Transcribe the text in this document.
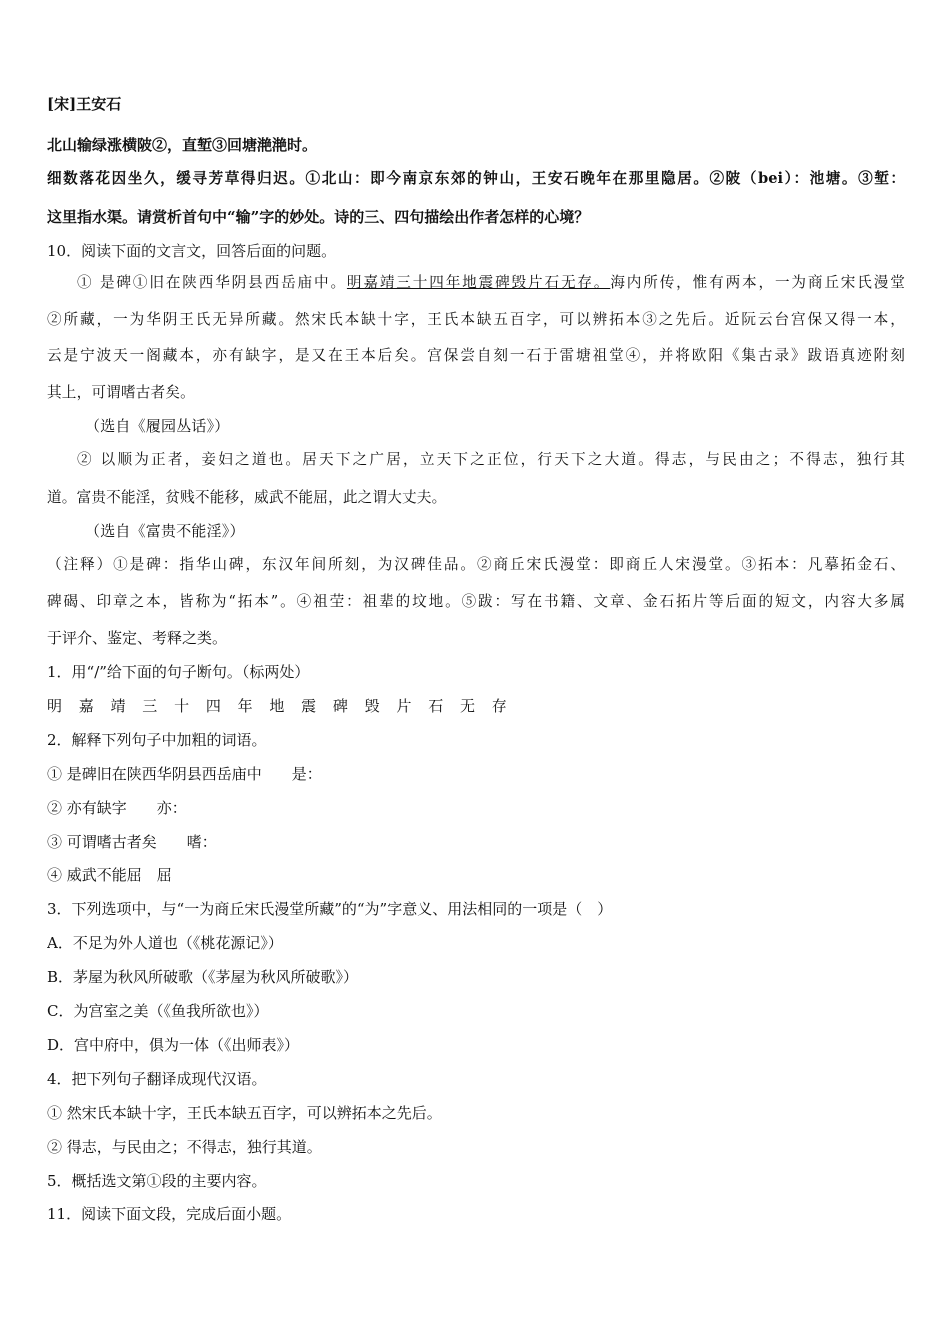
[宋]王安石

北山输绿涨横陂②，直堑③回塘滟滟时。

细数落花因坐久，缓寻芳草得归迟。①北山：即今南京东郊的钟山，王安石晚年在那里隐居。②陂（bei）：池塘。③堑：

这里指水渠。请赏析首句中“输”字的妙处。诗的三、四句描绘出作者怎样的心境？

10．阅读下面的文言文，回答后面的问题。

① 是碑①旧在陕西华阴县西岳庙中。明嘉靖三十四年地震碑毁片石无存。海内所传，惟有两本，一为商丘宋氏漫堂

②所藏，一为华阴王氏无异所藏。然宋氏本缺十字，王氏本缺五百字，可以辨拓本③之先后。近阮云台宫保又得一本，

云是宁波天一阁藏本，亦有缺字，是又在王本后矣。宫保尝自刻一石于雷塘祖堂④，并将欧阳《集古录》跋语真迹附刻

其上，可谓嗜古者矣。

（选自《履园丛话》）

② 以顺为正者，妾妇之道也。居天下之广居，立天下之正位，行天下之大道。得志，与民由之；不得志，独行其

道。富贵不能淫，贫贱不能移，威武不能屈，此之谓大丈夫。

（选自《富贵不能淫》）

（注释）①是碑：指华山碑，东汉年间所刻，为汉碑佳品。②商丘宋氏漫堂：即商丘人宋漫堂。③拓本：凡摹拓金石、

碑碣、印章之本，皆称为“拓本”。④祖茔：祖辈的坟地。⑤跋：写在书籍、文章、金石拓片等后面的短文，内容大多属

于评介、鉴定、考释之类。

1．用“/”给下面的句子断句。（标两处）

明 嘉 靖 三 十 四 年 地 震 碑 毁 片 石 无 存

2．解释下列句子中加粗的词语。

① 是碑旧在陕西华阴县西岳庙中　　是：

② 亦有缺字　　亦：

③ 可谓嗜古者矣　　嗜：

④ 威武不能屈　屈

3．下列选项中，与“一为商丘宋氏漫堂所藏”的“为”字意义、用法相同的一项是（　）

A．不足为外人道也（《桃花源记》）

B．茅屋为秋风所破歌（《茅屋为秋风所破歌》）

C．为宫室之美（《鱼我所欲也》）

D．宫中府中，俱为一体（《出师表》）

4．把下列句子翻译成现代汉语。

① 然宋氏本缺十字，王氏本缺五百字，可以辨拓本之先后。

② 得志，与民由之；不得志，独行其道。

5．概括选文第①段的主要内容。

11．阅读下面文段，完成后面小题。
